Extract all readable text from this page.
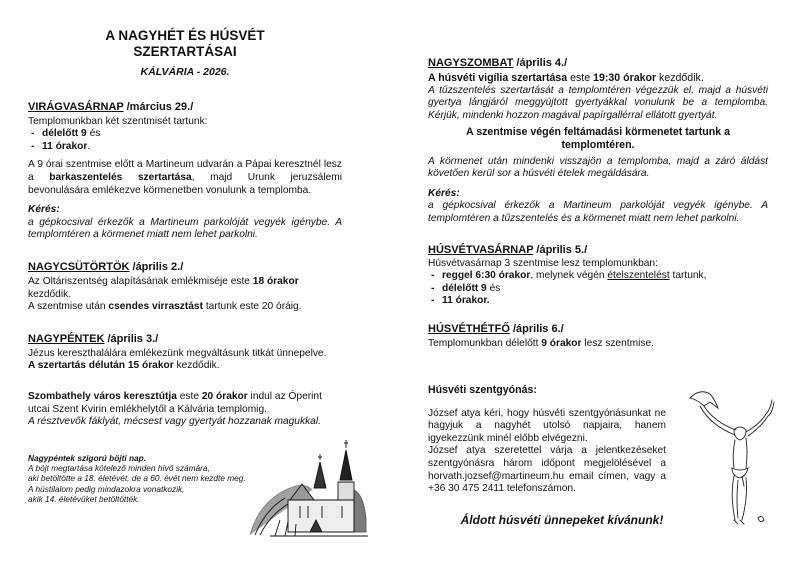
A NAGYHÉT ÉS HÚSVÉT
SZERTARTÁSAI
KÁLVÁRIA - 2026.
VIRÁGVASÁRNAP /március 29./
Templomunkban két szentmisét tartunk:
- délelőtt 9 és
- 11 órakor.
A 9 órai szentmise előtt a Martineum udvarán a Pápai keresztnél lesz a barkaszentelés szertartása, majd Urunk jeruzsálemi bevonulására emlékezve körmenetben vonulunk a templomba.
Kérés:
a gépkocsival érkezők a Martineum parkolóját vegyék igénybe. A templomtéren a körmenet miatt nem lehet parkolni.
NAGYCSÜTÖRTÖK /április 2./
Az Oltáriszentség alapításának emlékmiséje este 18 órakor kezdődik.
A szentmise után csendes virrasztást tartunk este 20 óráig.
NAGYPÉNTEK /április 3./
Jézus kereszthalálára emlékezünk megváltásunk titkát ünnepelve.
A szertartás délután 15 órakor kezdődik.
Szombathely város keresztútja este 20 órakor indul az Óperint utcai Szent Kvirin emlékhelytől a Kálvária templomig.
A résztvevők fáklyát, mécsest vagy gyertyát hozzanak magukkal.
Nagypéntek szigorú böjti nap.
A böjt megtartása kötelező minden hívő számára,
aki betöltötte a 18. életévét, de a 60. évét nem kezdte meg.
A hústilalom pedig mindazokra vonatkozik,
akik 14. életévüket betöltötték.
NAGYSZOMBAT /április 4./
A húsvéti vigília szertartása este 19:30 órakor kezdődik.
A tűzszentelés szertartását a templomtéren végezzük el, majd a húsvéti gyertya lángjáról meggyújtott gyertyákkal vonulunk be a templomba. Kérjük, mindenki hozzon magával papírgallérral ellátott gyertyát.
A szentmise végén feltámadási körmenetet tartunk a templomtéren.
A körmenet után mindenki visszajön a templomba, majd a záró áldást követően kerül sor a húsvéti ételek megáldására.
Kérés:
a gépkocsival érkezők a Martineum parkolóját vegyék igénybe. A templomtéren a tűzszentelés és a körmenet miatt nem lehet parkolni.
HÚSVÉTVASÁRNAP /április 5./
Húsvétvasárnap 3 szentmise lesz templomunkban:
- reggel 6:30 órakor, melynek végén ételszentelést tartunk,
- délelőtt 9 és
- 11 órakor.
HÚSVÉTHÉTFŐ /április 6./
Templomunkban délelőtt 9 órakor lesz szentmise.
Húsvéti szentgyónás:
József atya kéri, hogy húsvéti szentgyónásunkat ne hagyjuk a nagyhét utolsó napjaira, hanem igyekezzünk minél előbb elvégezni.
József atya szeretettel várja a jelentkezéseket szentgyónásra három időpont megjelölésével a horvath.jozsef@martineum.hu email címen, vagy a +36 30 475 2411 telefonszámon.
Áldott húsvéti ünnepeket kívánunk!
